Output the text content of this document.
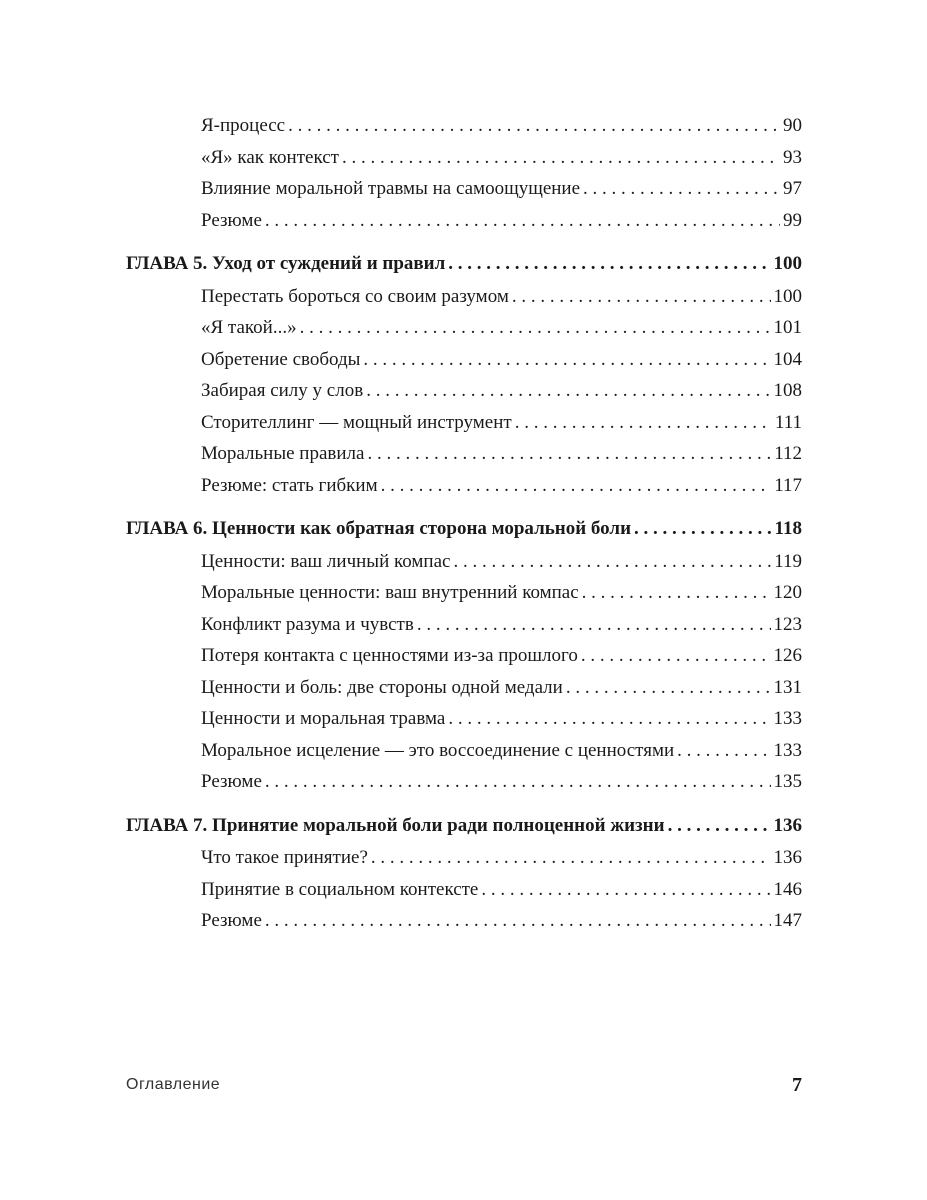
Я-процесс . . .	90
«Я» как контекст . . .	93
Влияние моральной травмы на самоощущение . . .	97
Резюме . . .	99
ГЛАВА 5. Уход от суждений и правил . . .	100
Перестать бороться со своим разумом . . .	100
«Я такой...» . . .	101
Обретение свободы . . .	104
Забирая силу у слов . . .	108
Сторителлинг — мощный инструмент . . .	111
Моральные правила . . .	112
Резюме: стать гибким . . .	117
ГЛАВА 6. Ценности как обратная сторона моральной боли . . .	118
Ценности: ваш личный компас . . .	119
Моральные ценности: ваш внутренний компас . . .	120
Конфликт разума и чувств . . .	123
Потеря контакта с ценностями из-за прошлого . . .	126
Ценности и боль: две стороны одной медали . . .	131
Ценности и моральная травма . . .	133
Моральное исцеление — это воссоединение с ценностями . . .	133
Резюме . . .	135
ГЛАВА 7. Принятие моральной боли ради полноценной жизни . . .	136
Что такое принятие? . . .	136
Принятие в социальном контексте . . .	146
Резюме . . .	147
Оглавление	7
